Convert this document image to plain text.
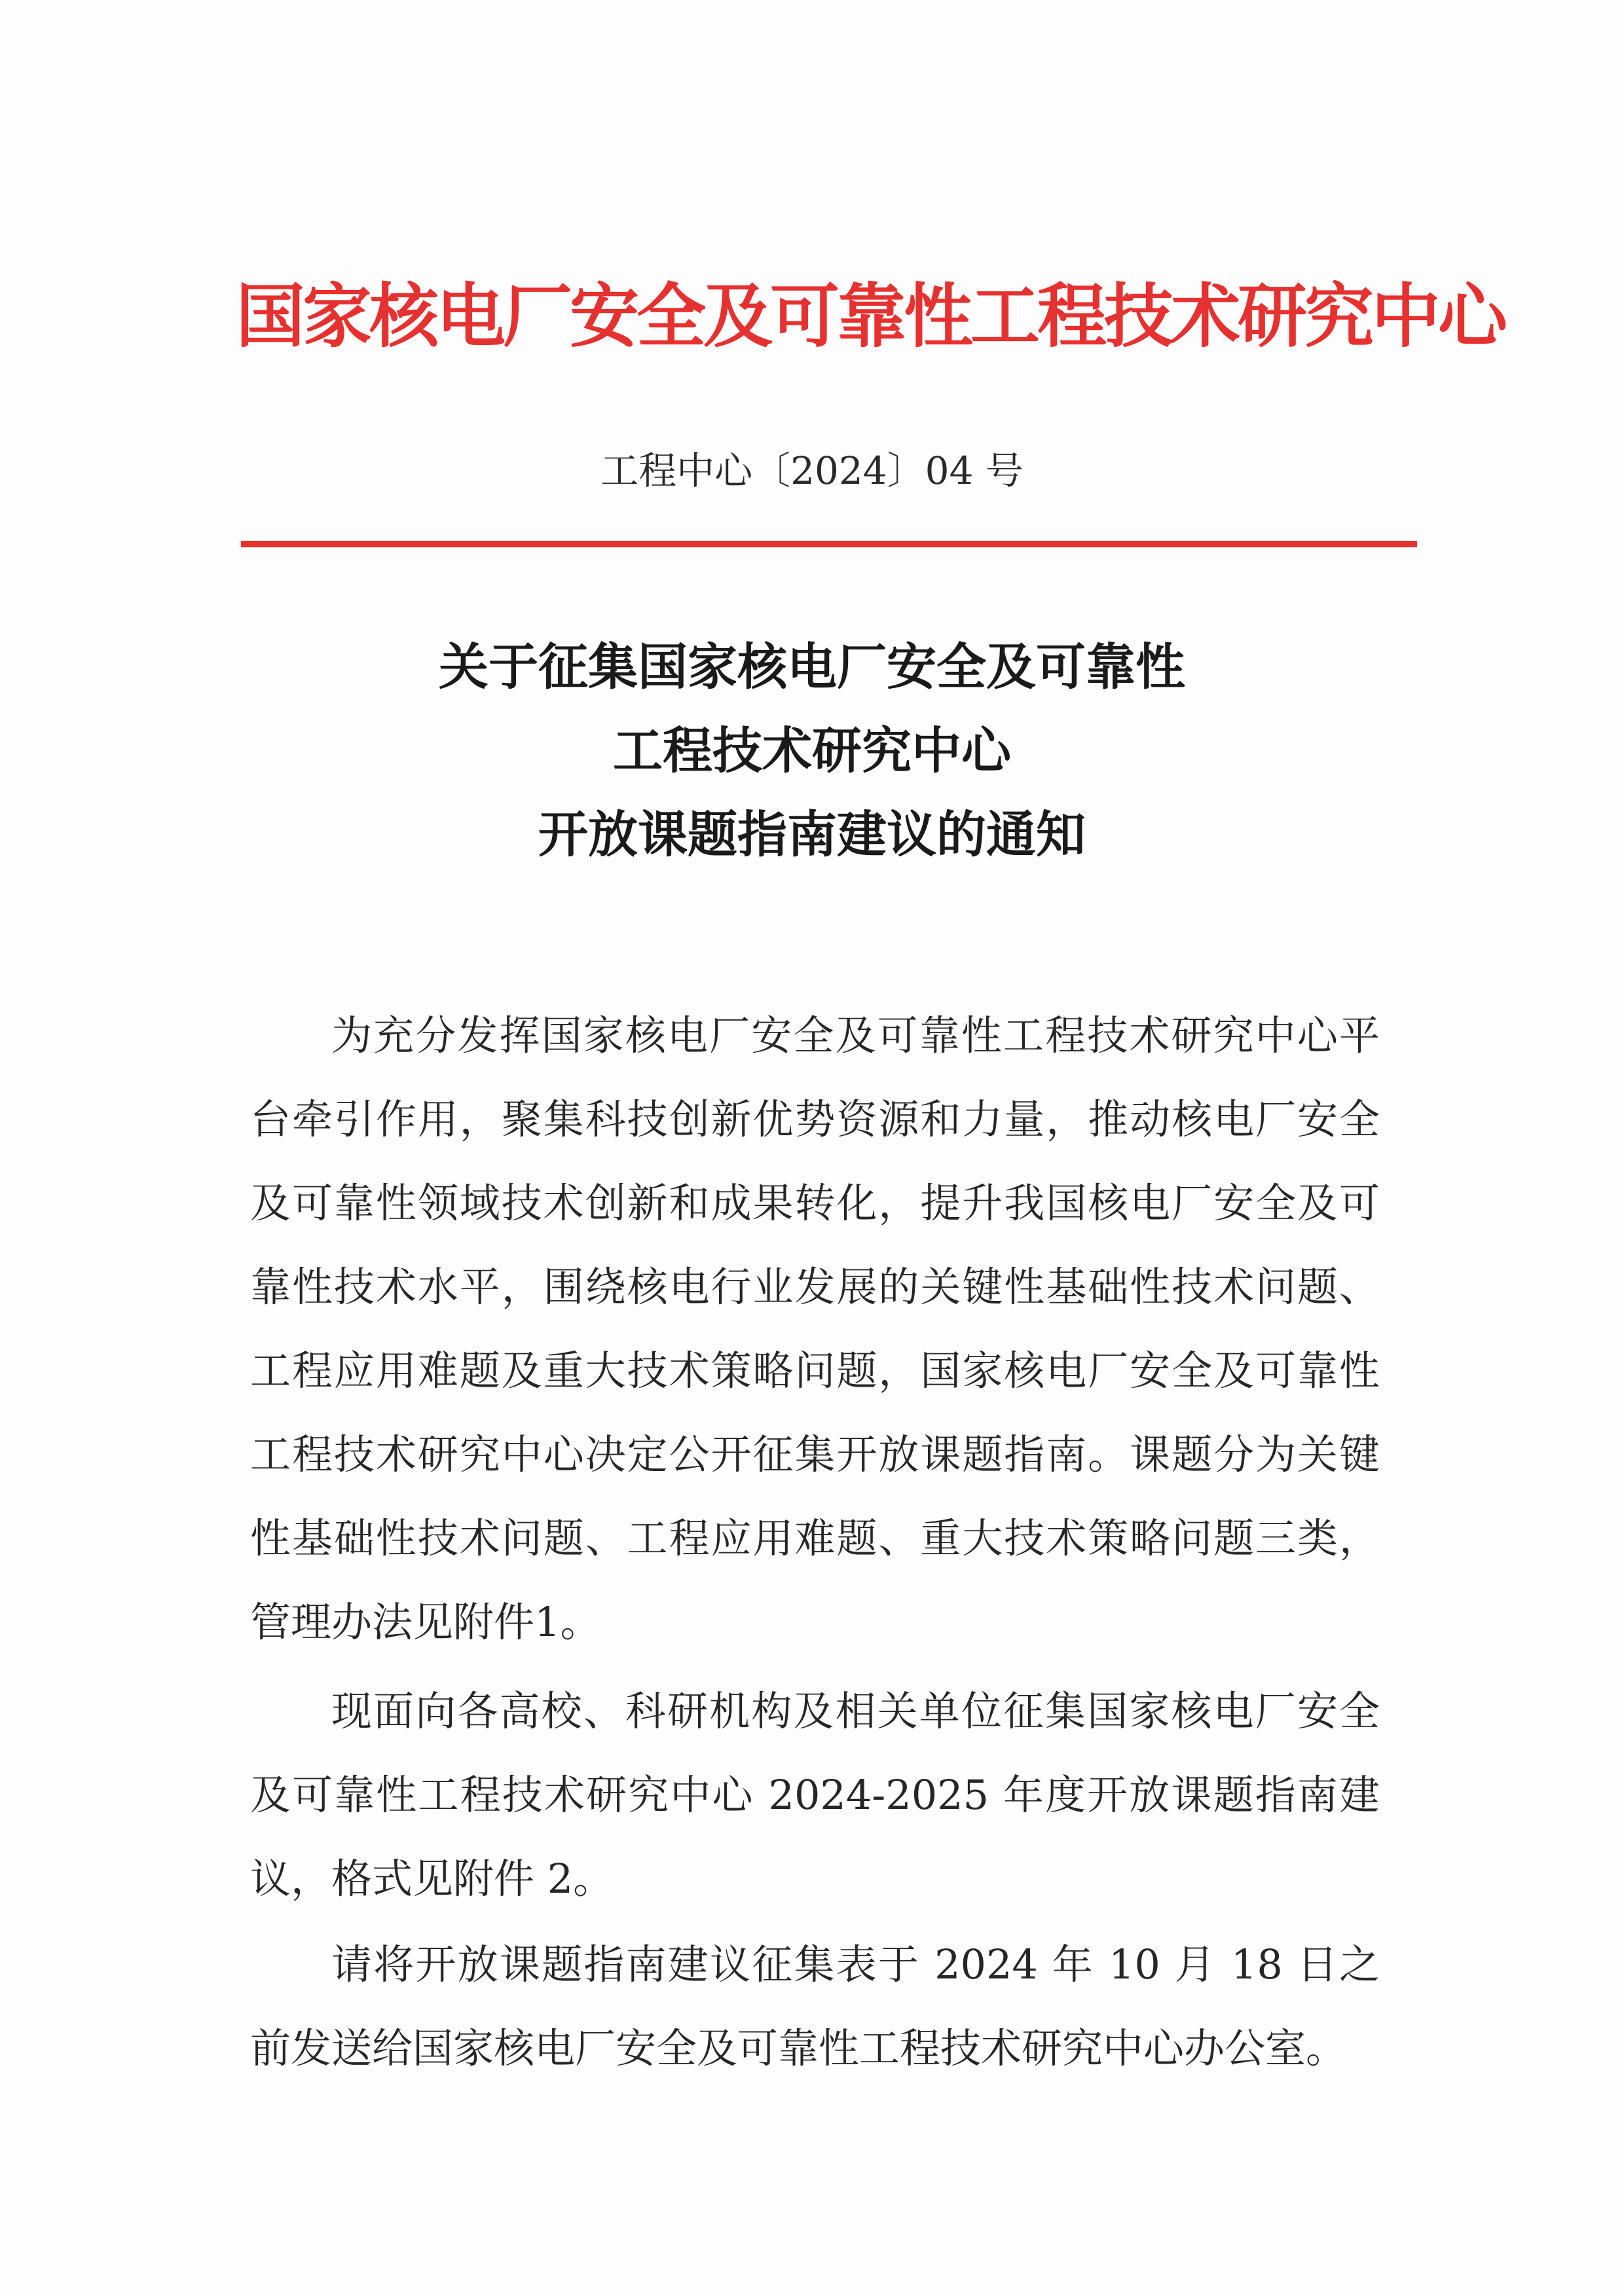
国家核电厂安全及可靠性工程技术研究中心
工程中心〔2024〕04 号
关于征集国家核电厂安全及可靠性
工程技术研究中心
开放课题指南建议的通知

为充分发挥国家核电厂安全及可靠性工程技术研究中心平台牵引作用，聚集科技创新优势资源和力量，推动核电厂安全及可靠性领域技术创新和成果转化，提升我国核电厂安全及可靠性技术水平，围绕核电行业发展的关键性基础性技术问题、工程应用难题及重大技术策略问题，国家核电厂安全及可靠性工程技术研究中心决定公开征集开放课题指南。课题分为关键性基础性技术问题、工程应用难题、重大技术策略问题三类，管理办法见附件1。

现面向各高校、科研机构及相关单位征集国家核电厂安全及可靠性工程技术研究中心 2024-2025 年度开放课题指南建议，格式见附件 2。

请将开放课题指南建议征集表于 2024 年 10 月 18 日之前发送给国家核电厂安全及可靠性工程技术研究中心办公室。
